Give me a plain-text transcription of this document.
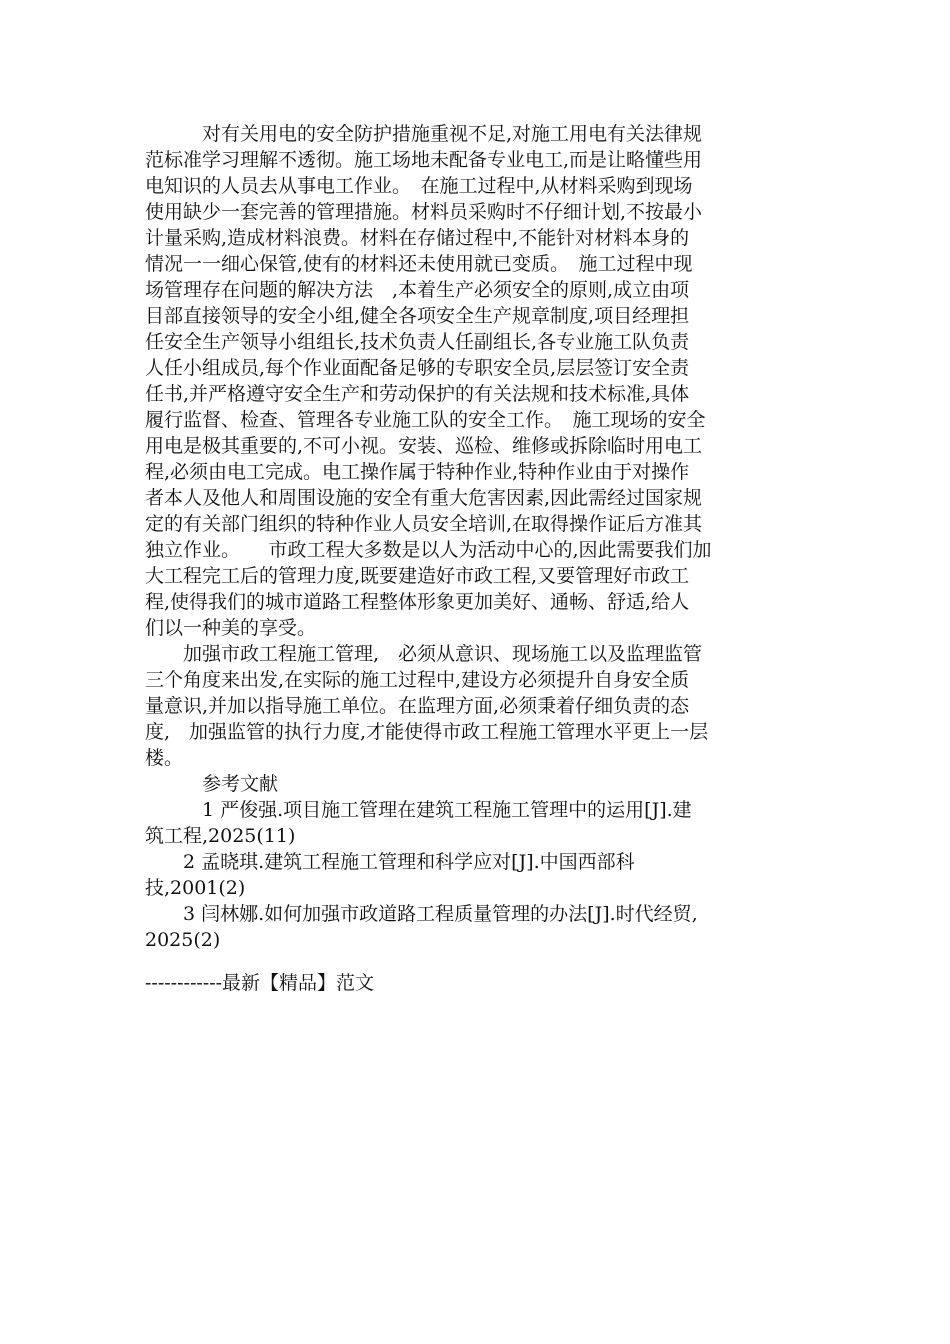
　　　对有关用电的安全防护措施重视不足,对施工用电有关法律规
范标准学习理解不透彻。施工场地未配备专业电工,而是让略懂些用
电知识的人员去从事电工作业。　在施工过程中,从材料采购到现场
使用缺少一套完善的管理措施。材料员采购时不仔细计划,不按最小
计量采购,造成材料浪费。材料在存储过程中,不能针对材料本身的
情况一一细心保管,使有的材料还未使用就已变质。　施工过程中现
场管理存在问题的解决方法　,本着生产必须安全的原则,成立由项
目部直接领导的安全小组,健全各项安全生产规章制度,项目经理担
任安全生产领导小组组长,技术负责人任副组长,各专业施工队负责
人任小组成员,每个作业面配备足够的专职安全员,层层签订安全责
任书,并严格遵守安全生产和劳动保护的有关法规和技术标准,具体
履行监督、检查、管理各专业施工队的安全工作。　施工现场的安全
用电是极其重要的,不可小视。安装、巡检、维修或拆除临时用电工
程,必须由电工完成。电工操作属于特种作业,特种作业由于对操作
者本人及他人和周围设施的安全有重大危害因素,因此需经过国家规
定的有关部门组织的特种作业人员安全培训,在取得操作证后方准其
独立作业。　　市政工程大多数是以人为活动中心的,因此需要我们加
大工程完工后的管理力度,既要建造好市政工程,又要管理好市政工
程,使得我们的城市道路工程整体形象更加美好、通畅、舒适,给人
们以一种美的享受。
　　加强市政工程施工管理,　必须从意识、现场施工以及监理监管
三个角度来出发,在实际的施工过程中,建设方必须提升自身安全质
量意识,并加以指导施工单位。在监理方面,必须秉着仔细负责的态
度,　加强监管的执行力度,才能使得市政工程施工管理水平更上一层
楼。
　　　参考文献
　　　1 严俊强.项目施工管理在建筑工程施工管理中的运用[J].建
筑工程,2025(11)
　　2 孟晓琪.建筑工程施工管理和科学应对[J].中国西部科
技,2001(2)
　　3 闫林娜.如何加强市政道路工程质量管理的办法[J].时代经贸,
2025(2)
------------最新【精品】范文
